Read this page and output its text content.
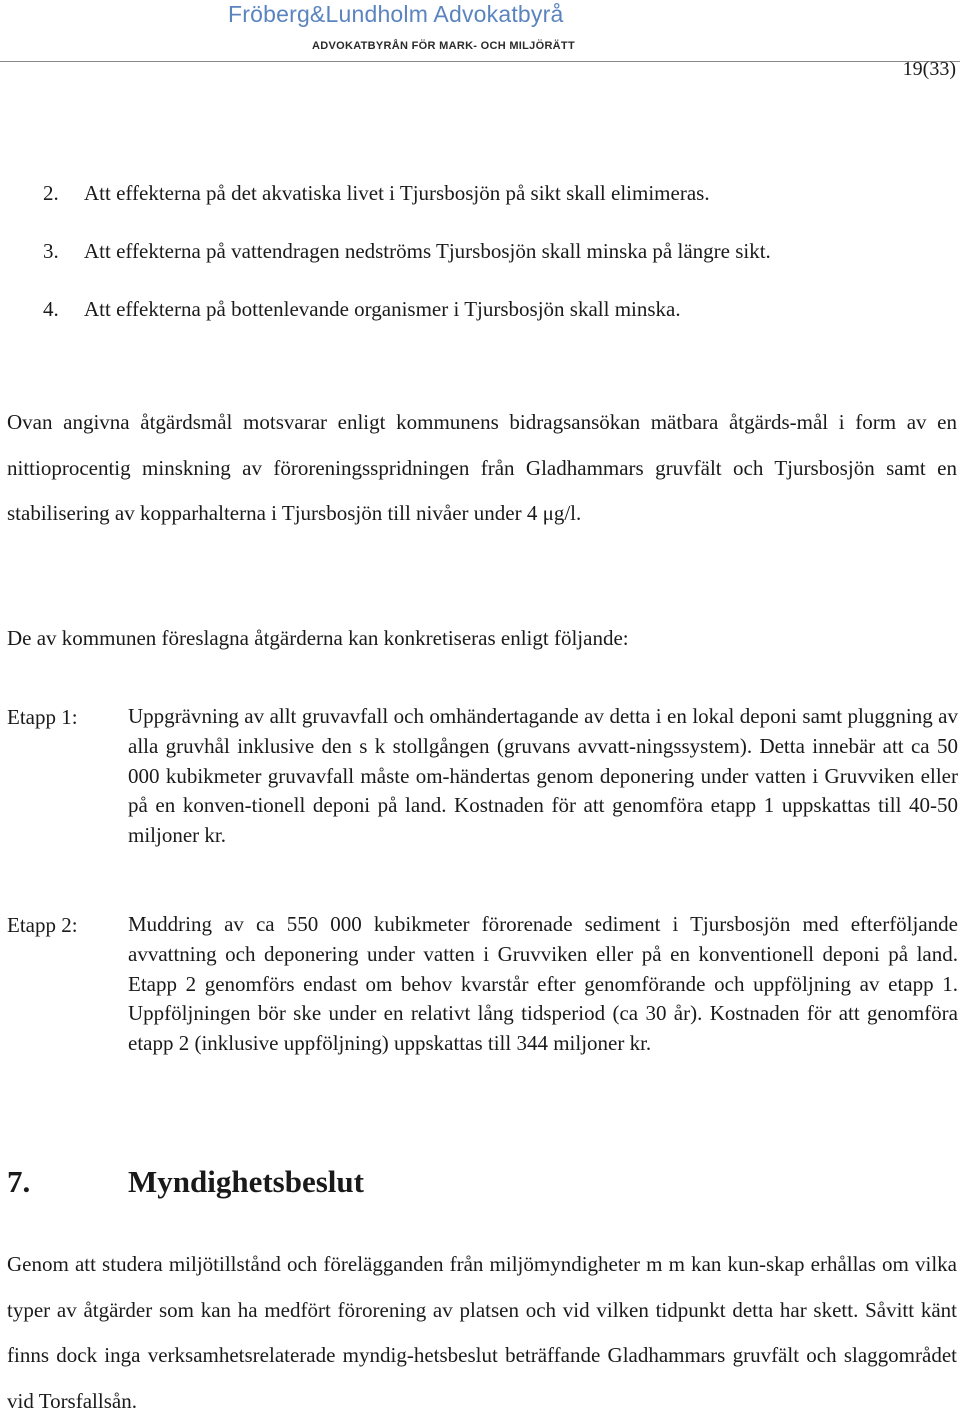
Fröberg&Lundholm Advokatbyrå
ADVOKATBYRÅN FÖR MARK- OCH MILJÖRÄTT
19(33)
2. Att effekterna på det akvatiska livet i Tjursbosjön på sikt skall elimimeras.
3. Att effekterna på vattendragen nedströms Tjursbosjön skall minska på längre sikt.
4. Att effekterna på bottenlevande organismer i Tjursbosjön skall minska.

Ovan angivna åtgärdsmål motsvarar enligt kommunens bidragsansökan mätbara åtgärds-mål i form av en nittioprocentig minskning av föroreningsspridningen från Gladhammars gruvfält och Tjursbosjön samt en stabilisering av kopparhalterna i Tjursbosjön till nivåer under 4 μg/l.

De av kommunen föreslagna åtgärderna kan konkretiseras enligt följande:

Etapp 1: Uppgrävning av allt gruvavfall och omhändertagande av detta i en lokal deponi samt pluggning av alla gruvhål inklusive den s k stollgången (gruvans avvatt-ningssystem). Detta innebär att ca 50 000 kubikmeter gruvavfall måste om-händertas genom deponering under vatten i Gruvviken eller på en konven-tionell deponi på land. Kostnaden för att genomföra etapp 1 uppskattas till 40-50 miljoner kr.

Etapp 2: Muddring av ca 550 000 kubikmeter förorenade sediment i Tjursbosjön med efterföljande avvattning och deponering under vatten i Gruvviken eller på en konventionell deponi på land. Etapp 2 genomförs endast om behov kvarstår efter genomförande och uppföljning av etapp 1. Uppföljningen bör ske under en relativt lång tidsperiod (ca 30 år). Kostnaden för att genomföra etapp 2 (inklusive uppföljning) uppskattas till 344 miljoner kr.

7.	Myndighetsbeslut

Genom att studera miljötillstånd och förelägganden från miljömyndigheter m m kan kun-skap erhållas om vilka typer av åtgärder som kan ha medfört förorening av platsen och vid vilken tidpunkt detta har skett. Såvitt känt finns dock inga verksamhetsrelaterade myndig-hetsbeslut beträffande Gladhammars gruvfält och slaggområdet vid Torsfallsån.
